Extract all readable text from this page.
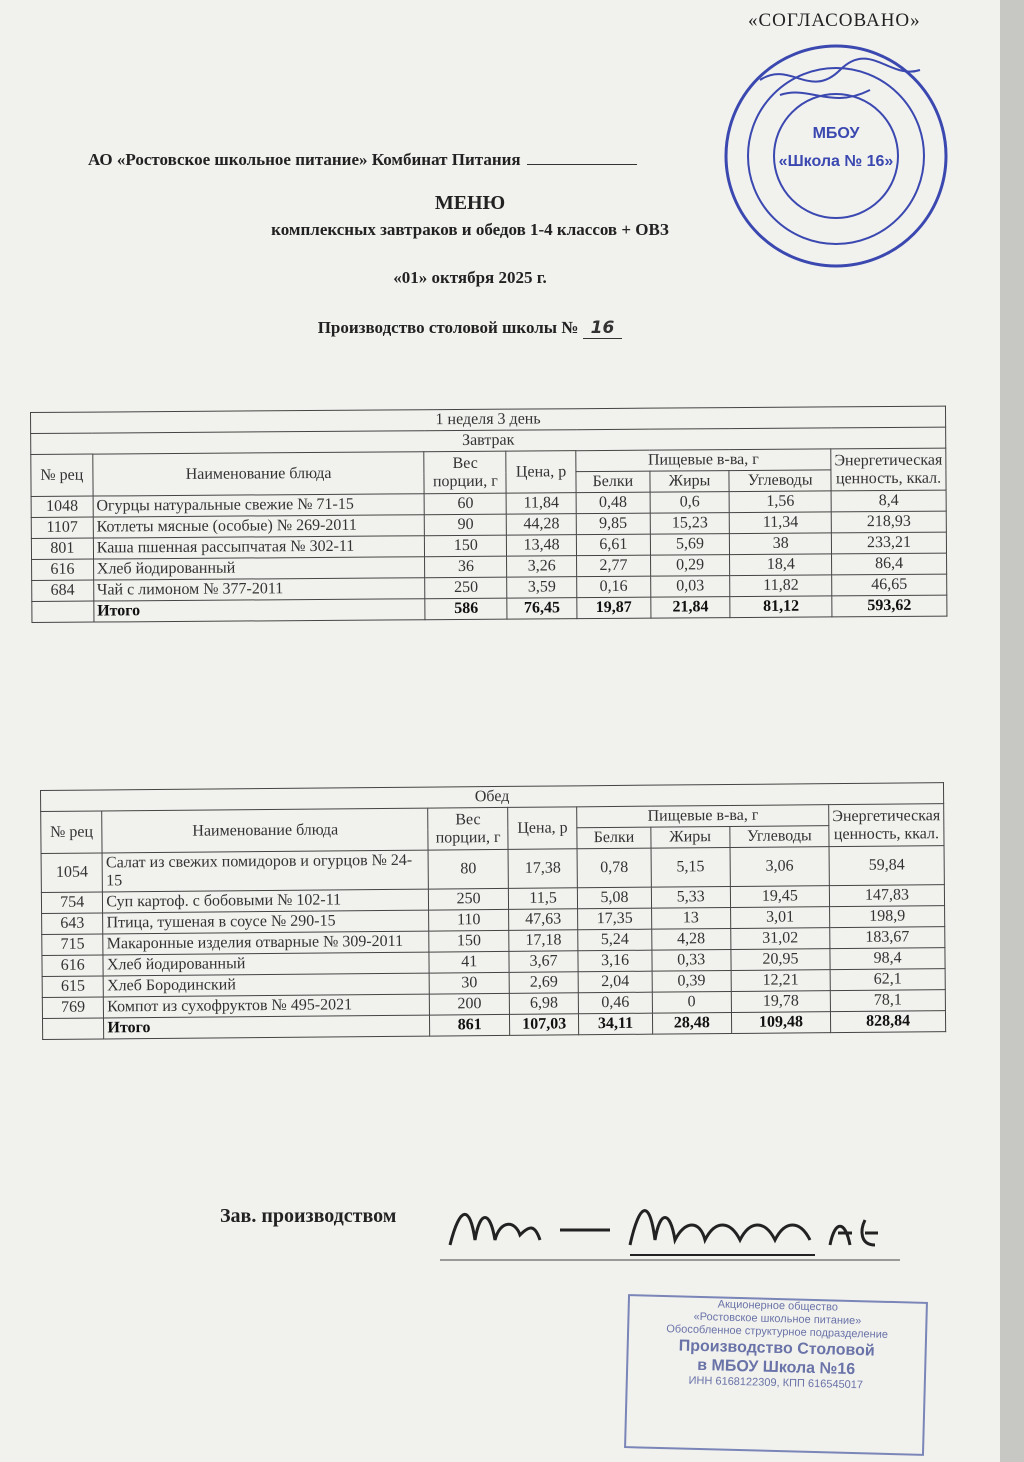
«СОГЛАСОВАНО»
МБОУ
«Школа № 16»
АО «Ростовское школьное питание» Комбинат Питания
МЕНЮ
комплексных завтраков и обедов 1-4 классов + ОВЗ
«01» октября 2025 г.
Производство столовой школы № 16
1 неделя 3 день							
Завтрак							
№ рец	Наименование блюда	Вес порции, г	Цена, р	Пищевые в-ва, г			Энергетическая ценность, ккал.
				Белки	Жиры	Углеводы	
1048	Огурцы натуральные свежие № 71-15	60	11,84	0,48	0,6	1,56	8,4
1107	Котлеты мясные (особые) № 269-2011	90	44,28	9,85	15,23	11,34	218,93
801	Каша пшенная рассыпчатая № 302-11	150	13,48	6,61	5,69	38	233,21
616	Хлеб йодированный	36	3,26	2,77	0,29	18,4	86,4
684	Чай с лимоном № 377-2011	250	3,59	0,16	0,03	11,82	46,65
	Итого	586	76,45	19,87	21,84	81,12	593,62
Обед							
№ рец	Наименование блюда	Вес порции, г	Цена, р	Пищевые в-ва, г			Энергетическая ценность, ккал.
				Белки	Жиры	Углеводы	
1054	Салат из свежих помидоров и огурцов № 24-15	80	17,38	0,78	5,15	3,06	59,84
754	Суп картоф. с бобовыми № 102-11	250	11,5	5,08	5,33	19,45	147,83
643	Птица, тушеная в соусе № 290-15	110	47,63	17,35	13	3,01	198,9
715	Макаронные изделия отварные № 309-2011	150	17,18	5,24	4,28	31,02	183,67
616	Хлеб йодированный	41	3,67	3,16	0,33	20,95	98,4
615	Хлеб Бородинский	30	2,69	2,04	0,39	12,21	62,1
769	Компот из сухофруктов № 495-2021	200	6,98	0,46	0	19,78	78,1
	Итого	861	107,03	34,11	28,48	109,48	828,84
Зав. производством
Акционерное общество
«Ростовское школьное питание»
Обособленное структурное подразделение
Производство Столовой
в МБОУ Школа №16
ИНН 6168122309, КПП 616545017
